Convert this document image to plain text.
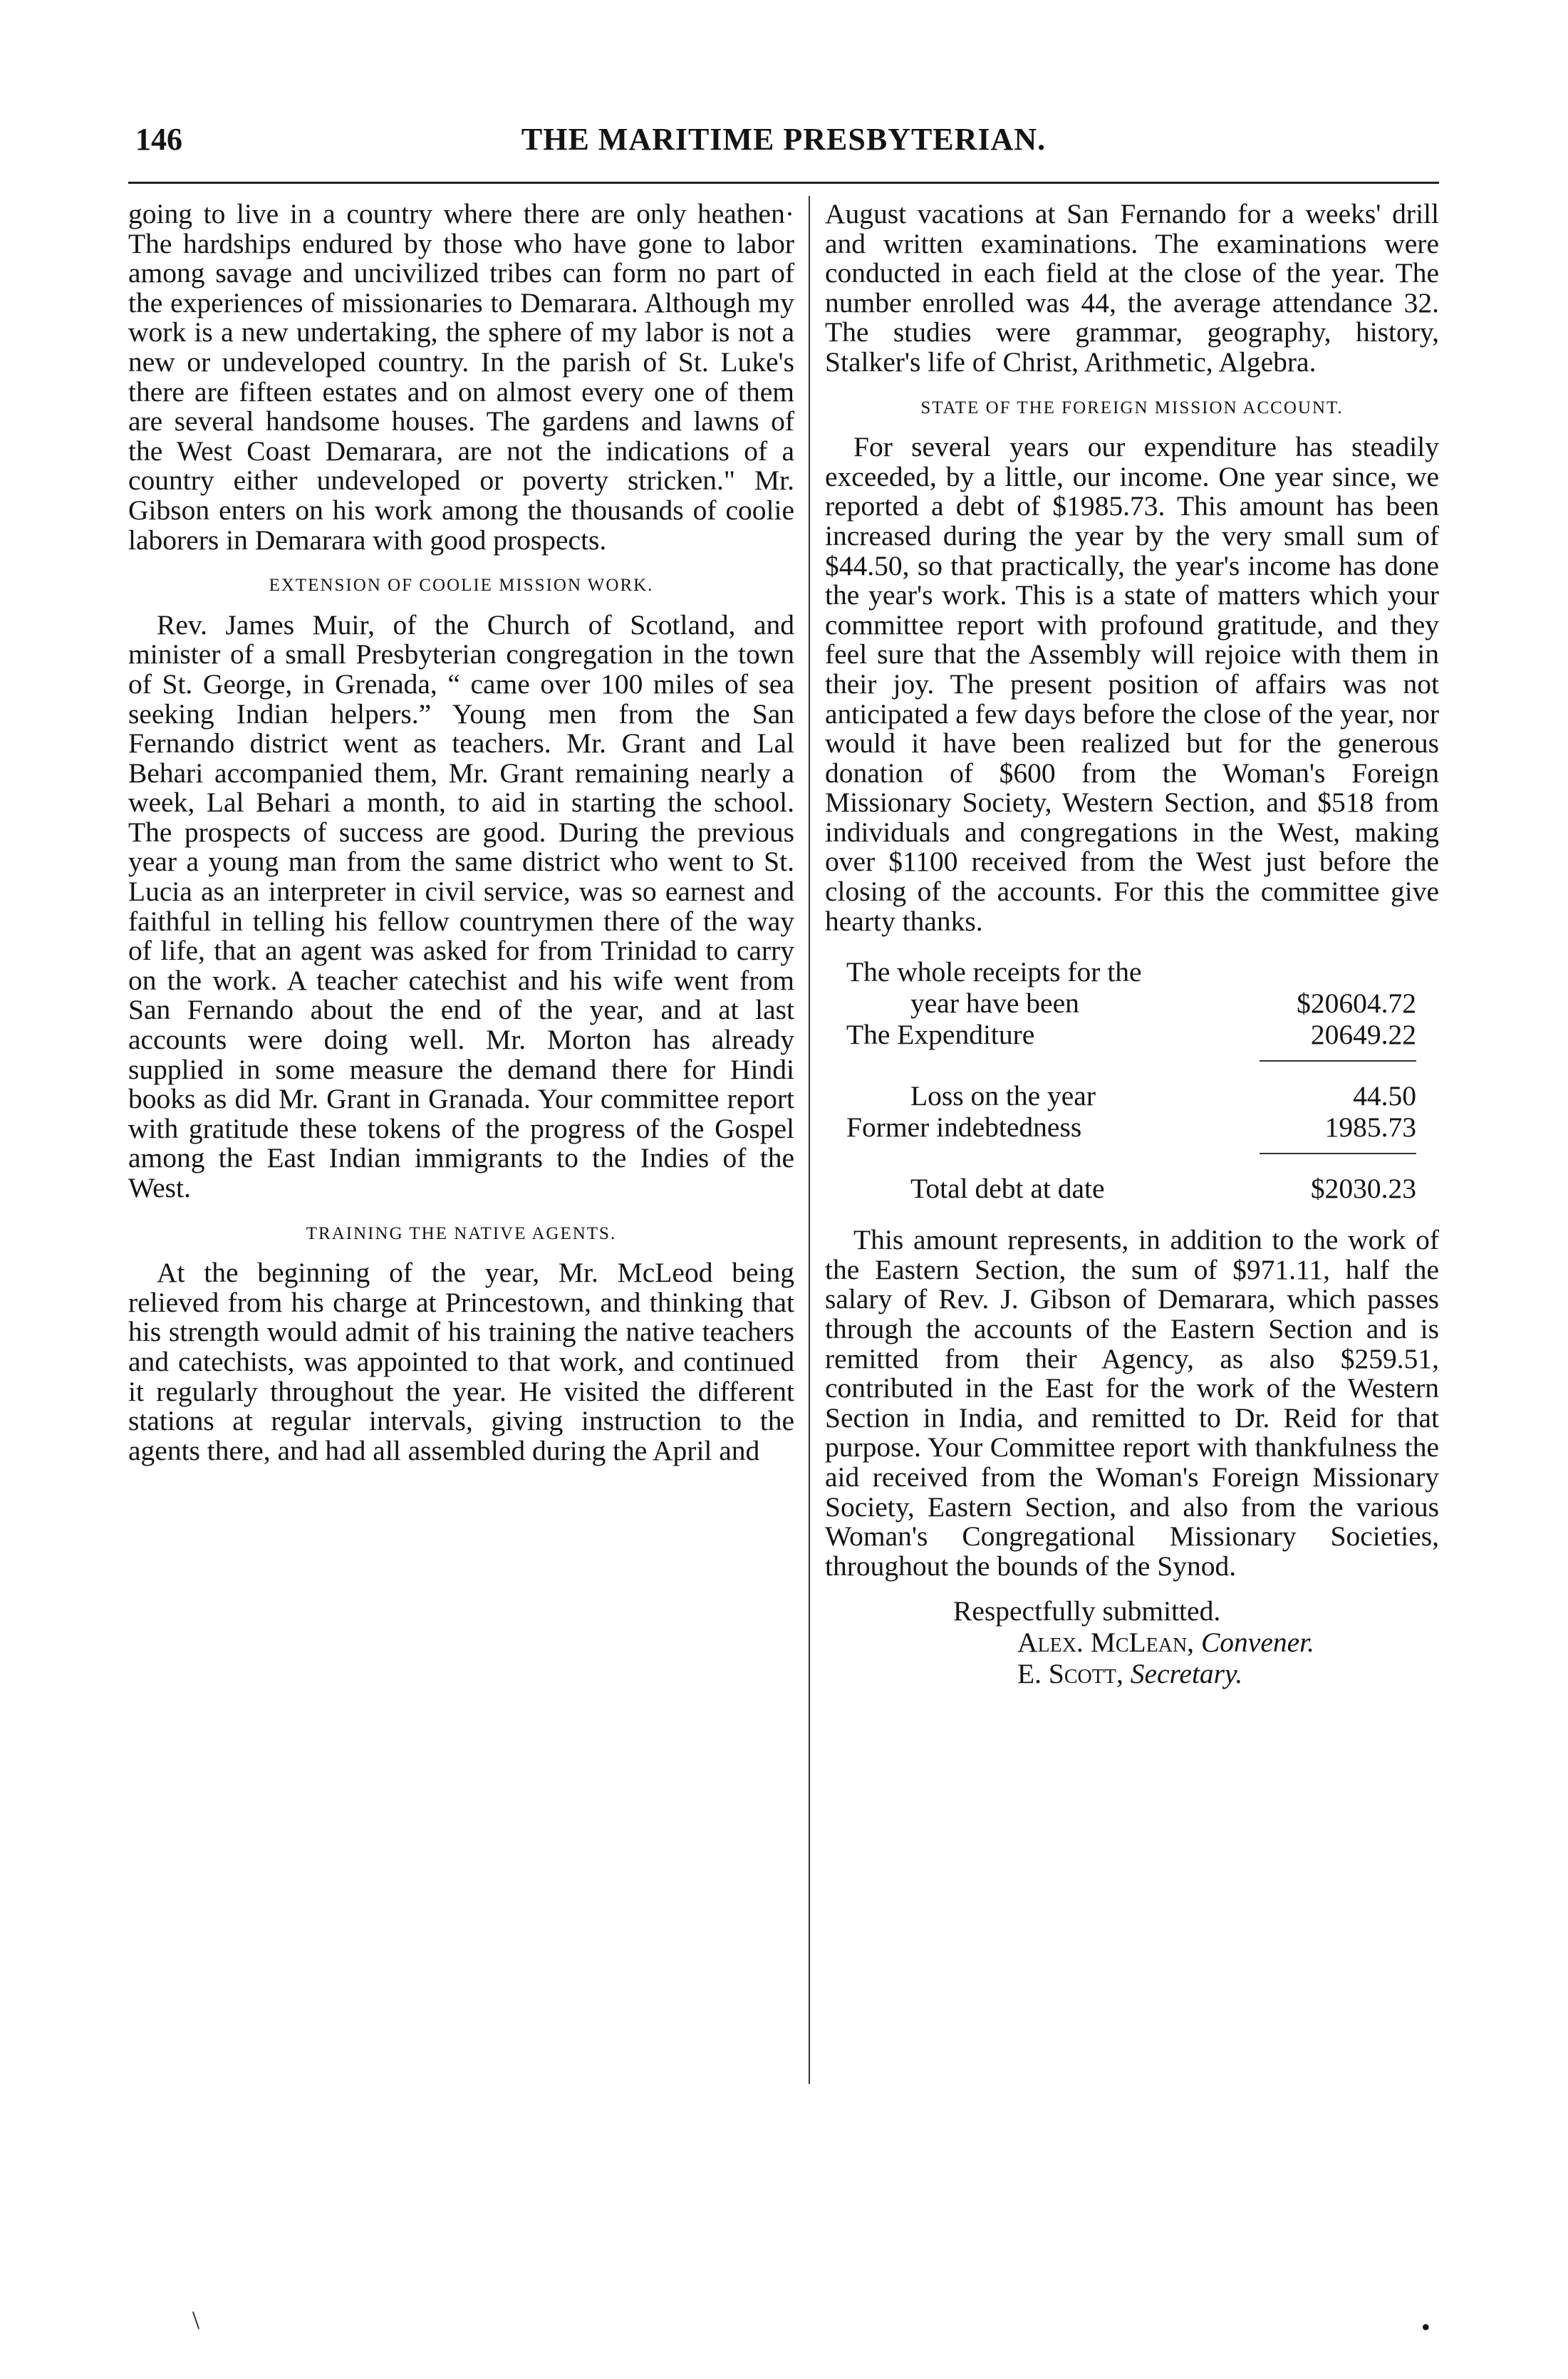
146	THE MARITIME PRESBYTERIAN.

going to live in a country where there are only heathen· The hardships endured by those who have gone to labor among savage and uncivilized tribes can form no part of the experiences of missionaries to Demarara. Although my work is a new undertaking, the sphere of my labor is not a new or undeveloped country. In the parish of St. Luke's there are fifteen estates and on almost every one of them are several handsome houses. The gardens and lawns of the West Coast Demarara, are not the indications of a country either undeveloped or poverty stricken." Mr. Gibson enters on his work among the thousands of coolie laborers in Demarara with good prospects.

EXTENSION OF COOLIE MISSION WORK.

Rev. James Muir, of the Church of Scotland, and minister of a small Presbyterian congregation in the town of St. George, in Grenada, “ came over 100 miles of sea seeking Indian helpers.” Young men from the San Fernando district went as teachers. Mr. Grant and Lal Behari accompanied them, Mr. Grant remaining nearly a week, Lal Behari a month, to aid in starting the school. The prospects of success are good. During the previous year a young man from the same district who went to St. Lucia as an interpreter in civil service, was so earnest and faithful in telling his fellow countrymen there of the way of life, that an agent was asked for from Trinidad to carry on the work. A teacher catechist and his wife went from San Fernando about the end of the year, and at last accounts were doing well. Mr. Morton has already supplied in some measure the demand there for Hindi books as did Mr. Grant in Granada. Your committee report with gratitude these tokens of the progress of the Gospel among the East Indian immigrants to the Indies of the West.

TRAINING THE NATIVE AGENTS.

At the beginning of the year, Mr. McLeod being relieved from his charge at Princestown, and thinking that his strength would admit of his training the native teachers and catechists, was appointed to that work, and continued it regularly throughout the year. He visited the different stations at regular intervals, giving instruction to the agents there, and had all assembled during the April and

August vacations at San Fernando for a weeks' drill and written examinations. The examinations were conducted in each field at the close of the year. The number enrolled was 44, the average attendance 32. The studies were grammar, geography, history, Stalker's life of Christ, Arithmetic, Algebra.

STATE OF THE FOREIGN MISSION ACCOUNT.

For several years our expenditure has steadily exceeded, by a little, our income. One year since, we reported a debt of $1985.73. This amount has been increased during the year by the very small sum of $44.50, so that practically, the year's income has done the year's work. This is a state of matters which your committee report with profound gratitude, and they feel sure that the Assembly will rejoice with them in their joy. The present position of affairs was not anticipated a few days before the close of the year, nor would it have been realized but for the generous donation of $600 from the Woman's Foreign Missionary Society, Western Section, and $518 from individuals and congregations in the West, making over $1100 received from the West just before the closing of the accounts. For this the committee give hearty thanks.

The whole receipts for the	
year have been	$20604.72
The Expenditure	20649.22

Loss on the year	44.50
Former indebtedness	1985.73

Total debt at date	$2030.23

This amount represents, in addition to the work of the Eastern Section, the sum of $971.11, half the salary of Rev. J. Gibson of Demarara, which passes through the accounts of the Eastern Section and is remitted from their Agency, as also $259.51, contributed in the East for the work of the Western Section in India, and remitted to Dr. Reid for that purpose. Your Committee report with thankfulness the aid received from the Woman's Foreign Missionary Society, Eastern Section, and also from the various Woman's Congregational Missionary Societies, throughout the bounds of the Synod.

Respectfully submitted.
Alex. McLean, Convener.
E. Scott, Secretary.
\	•
